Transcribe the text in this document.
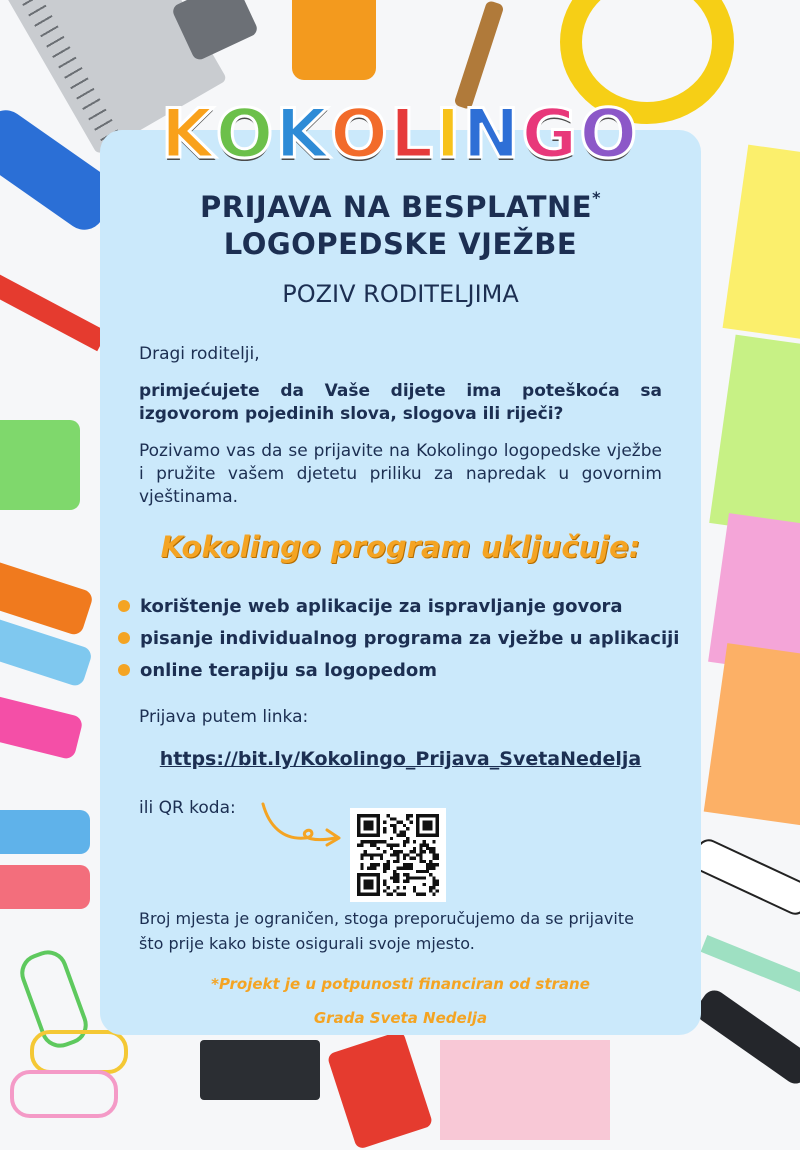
K O K O L I N G O
PRIJAVA NA BESPLATNE*
LOGOPEDSKE VJEŽBE
POZIV RODITELJIMA
Dragi roditelji,
primjećujete da Vaše dijete ima poteškoća sa izgovorom pojedinih slova, slogova ili riječi?
Pozivamo vas da se prijavite na Kokolingo logopedske vježbe i pružite vašem djetetu priliku za napredak u govornim vještinama.
Kokolingo program uključuje:
korištenje web aplikacije za ispravljanje govora
pisanje individualnog programa za vježbe u aplikaciji
online terapiju sa logopedom
Prijava putem linka:
https://bit.ly/Kokolingo_Prijava_SvetaNedelja
ili QR koda:
Broj mjesta je ograničen, stoga preporučujemo da se prijavite što prije kako biste osigurali svoje mjesto.
*Projekt je u potpunosti financiran od strane
Grada Sveta Nedelja
